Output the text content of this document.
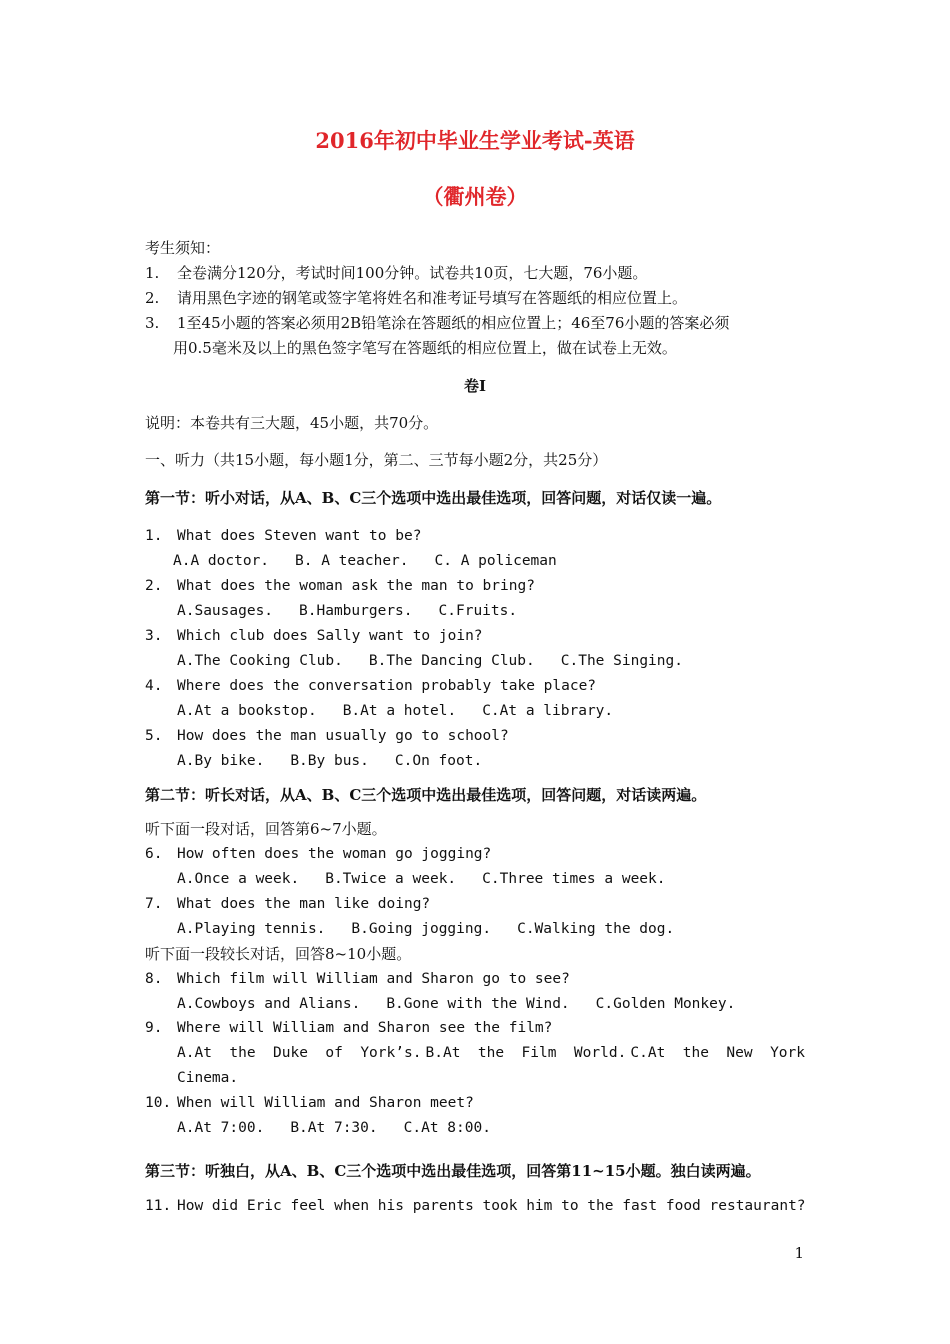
2016年初中毕业生学业考试-英语
（衢州卷）
考生须知：
1. 全卷满分120分，考试时间100分钟。试卷共10页，七大题，76小题。
2. 请用黑色字迹的钢笔或签字笔将姓名和准考证号填写在答题纸的相应位置上。
3. 1至45小题的答案必须用2B铅笔涂在答题纸的相应位置上；46至76小题的答案必须
用0.5毫米及以上的黑色签字笔写在答题纸的相应位置上，做在试卷上无效。
卷Ⅰ
说明：本卷共有三大题，45小题，共70分。
一、听力（共15小题，每小题1分，第二、三节每小题2分，共25分）
第一节：听小对话，从A、B、C三个选项中选出最佳选项，回答问题，对话仅读一遍。
1. What does Steven want to be?
A.A doctor. B. A teacher. C. A policeman
2. What does the woman ask the man to bring?
A.Sausages. B.Hamburgers. C.Fruits.
3. Which club does Sally want to join?
A.The Cooking Club. B.The Dancing Club. C.The Singing.
4. Where does the conversation probably take place?
A.At a bookstop. B.At a hotel. C.At a library.
5. How does the man usually go to school?
A.By bike. B.By bus. C.On foot.
第二节：听长对话，从A、B、C三个选项中选出最佳选项，回答问题，对话读两遍。
听下面一段对话，回答第6~7小题。
6. How often does the woman go jogging?
A.Once a week. B.Twice a week. C.Three times a week.
7. What does the man like doing?
A.Playing tennis. B.Going jogging. C.Walking the dog.
听下面一段较长对话，回答8~10小题。
8. Which film will William and Sharon go to see?
A.Cowboys and Alians. B.Gone with the Wind. C.Golden Monkey.
9. Where will William and Sharon see the film?
A.At  the  Duke  of  York’s. B.At  the  Film  World. C.At  the  New  York
Cinema.
10. When will William and Sharon meet?
A.At 7:00. B.At 7:30. C.At 8:00.
第三节：听独白，从A、B、C三个选项中选出最佳选项，回答第11~15小题。独白读两遍。
11. How did Eric feel when his parents took him to the fast food restaurant?
1
